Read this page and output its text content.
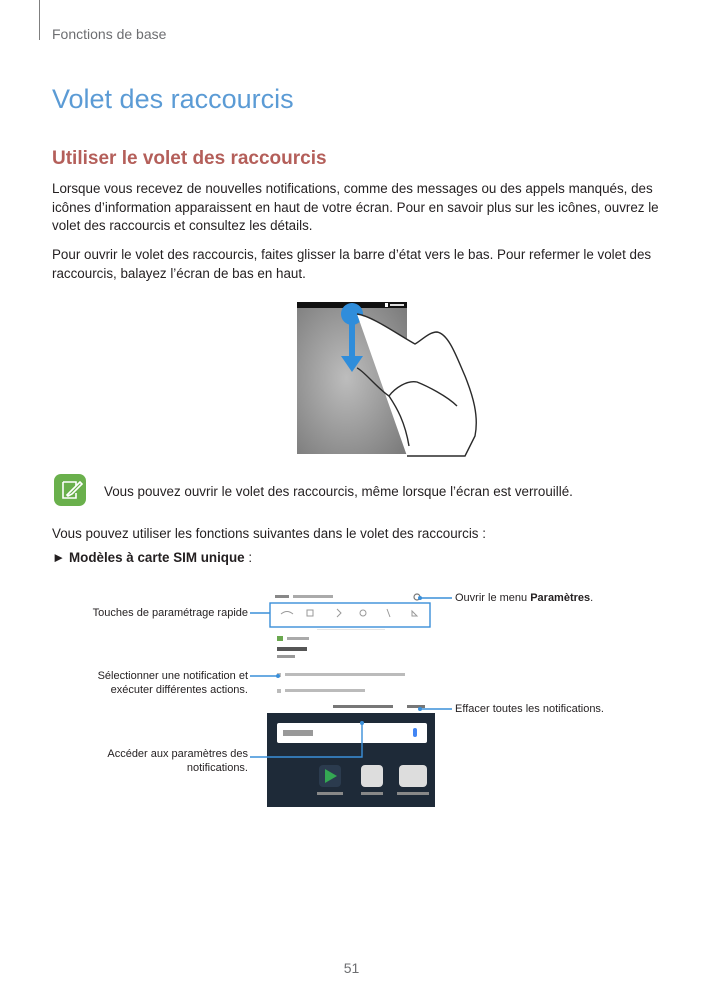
Fonctions de base
Volet des raccourcis
Utiliser le volet des raccourcis
Lorsque vous recevez de nouvelles notifications, comme des messages ou des appels manqués, des
icônes d’information apparaissent en haut de votre écran. Pour en savoir plus sur les icônes, ouvrez le
volet des raccourcis et consultez les détails.
Pour ouvrir le volet des raccourcis, faites glisser la barre d’état vers le bas. Pour refermer le volet des
raccourcis, balayez l’écran de bas en haut.
Vous pouvez ouvrir le volet des raccourcis, même lorsque l’écran est verrouillé.
Vous pouvez utiliser les fonctions suivantes dans le volet des raccourcis :
► Modèles à carte SIM unique :
Ouvrir le menu Paramètres.
Touches de paramétrage rapide
Sélectionner une notification et
exécuter différentes actions.
Effacer toutes les notifications.
Accéder aux paramètres des
notifications.
51
